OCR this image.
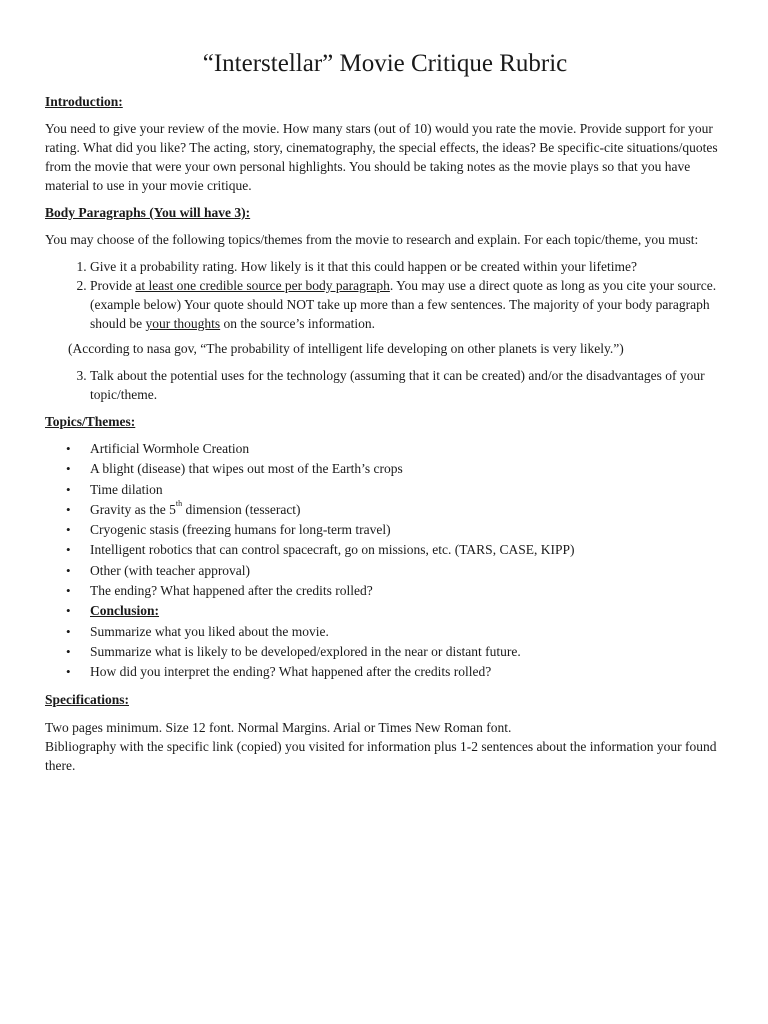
“Interstellar” Movie Critique Rubric
Introduction:

You need to give your review of the movie. How many stars (out of 10) would you rate the movie. Provide support for your rating. What did you like? The acting, story, cinematography, the special effects, the ideas? Be specific-cite situations/quotes from the movie that were your own personal highlights. You should be taking notes as the movie plays so that you have material to use in your movie critique.

Body Paragraphs (You will have 3):

You may choose of the following topics/themes from the movie to research and explain. For each topic/theme, you must:

1. Give it a probability rating. How likely is it that this could happen or be created within your lifetime?
2. Provide at least one credible source per body paragraph. You may use a direct quote as long as you cite your source. (example below) Your quote should NOT take up more than a few sentences. The majority of your body paragraph should be your thoughts on the source’s information.

(According to nasa gov, “The probability of intelligent life developing on other planets is very likely.”)

3. Talk about the potential uses for the technology (assuming that it can be created) and/or the disadvantages of your topic/theme.
Topics/Themes:
• Artificial Wormhole Creation
• A blight (disease) that wipes out most of the Earth’s crops
• Time dilation
• Gravity as the 5th dimension (tesseract)
• Cryogenic stasis (freezing humans for long-term travel)
• Intelligent robotics that can control spacecraft, go on missions, etc. (TARS, CASE, KIPP)
• Other (with teacher approval)
• The ending? What happened after the credits rolled?
• Conclusion:
• Summarize what you liked about the movie.
• Summarize what is likely to be developed/explored in the near or distant future.
• How did you interpret the ending? What happened after the credits rolled?
Specifications:

Two pages minimum. Size 12 font. Normal Margins. Arial or Times New Roman font.

Bibliography with the specific link (copied) you visited for information plus 1-2 sentences about the information your found there.
